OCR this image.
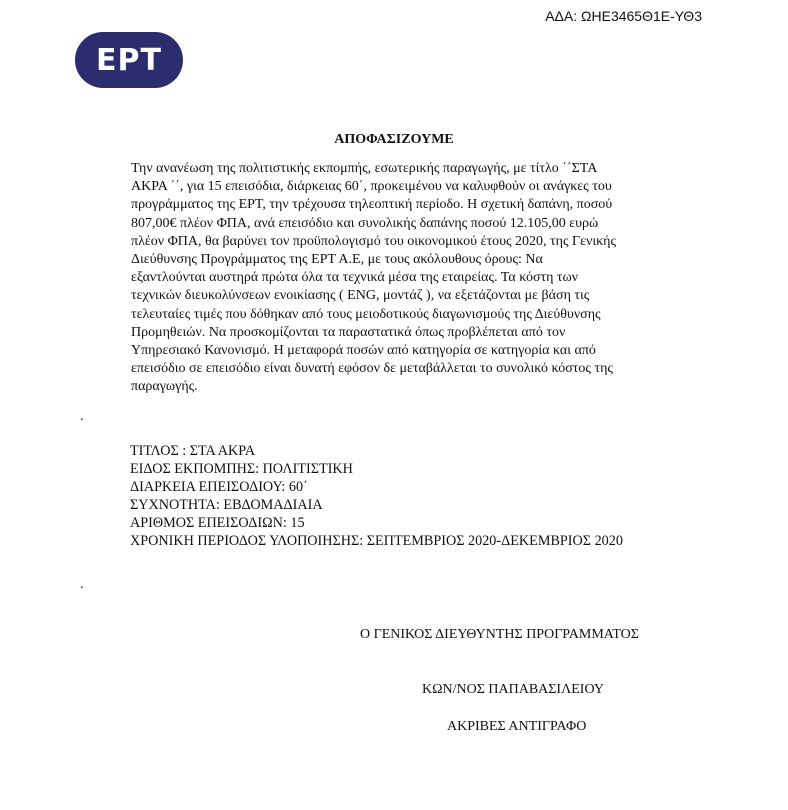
ΑΔΑ: ΩΗΕ3465Θ1Ε-ΥΘ3
ΕΡΤ
ΑΠΟΦΑΣΙΖΟΥΜΕ
Την ανανέωση της πολιτιστικής εκπομπής, εσωτερικής παραγωγής, με τίτλο ΄΄ΣΤΑ
ΑΚΡΑ ΄΄, για 15 επεισόδια, διάρκειας 60΄, προκειμένου να καλυφθούν οι ανάγκες του
προγράμματος της ΕΡΤ, την τρέχουσα τηλεοπτική περίοδο. Η σχετική δαπάνη, ποσού
807,00€ πλέον ΦΠΑ, ανά επεισόδιο και συνολικής δαπάνης ποσού 12.105,00 ευρώ
πλέον ΦΠΑ, θα βαρύνει τον προϋπολογισμό του οικονομικού έτους 2020, της Γενικής
Διεύθυνσης Προγράμματος της ΕΡΤ Α.Ε, με τους ακόλουθους όρους: Να
εξαντλούνται αυστηρά πρώτα όλα τα τεχνικά μέσα της εταιρείας. Τα κόστη των
τεχνικών διευκολύνσεων ενοικίασης ( ENG, μοντάζ ), να εξετάζονται με βάση τις
τελευταίες τιμές που δόθηκαν από τους μειοδοτικούς διαγωνισμούς της Διεύθυνσης
Προμηθειών. Να προσκομίζονται τα παραστατικά όπως προβλέπεται από τον
Υπηρεσιακό Κανονισμό. Η μεταφορά ποσών από κατηγορία σε κατηγορία και από
επεισόδιο σε επεισόδιο είναι δυνατή εφόσον δε μεταβάλλεται το συνολικό κόστος της
παραγωγής.
.
ΤΙΤΛΟΣ : ΣΤΑ ΑΚΡΑ
ΕΙΔΟΣ ΕΚΠΟΜΠΗΣ: ΠΟΛΙΤΙΣΤΙΚΗ
ΔΙΑΡΚΕΙΑ ΕΠΕΙΣΟΔΙΟΥ: 60΄
ΣΥΧΝΟΤΗΤΑ: ΕΒΔΟΜΑΔΙΑΙΑ
ΑΡΙΘΜΟΣ ΕΠΕΙΣΟΔΙΩΝ: 15
ΧΡΟΝΙΚΗ ΠΕΡΙΟΔΟΣ ΥΛΟΠΟΙΗΣΗΣ: ΣΕΠΤΕΜΒΡΙΟΣ 2020-ΔΕΚΕΜΒΡΙΟΣ 2020
.
Ο ΓΕΝΙΚΟΣ ΔΙΕΥΘΥΝΤΗΣ ΠΡΟΓΡΑΜΜΑΤΟΣ
ΚΩΝ/ΝΟΣ ΠΑΠΑΒΑΣΙΛΕΙΟΥ
ΑΚΡΙΒΕΣ ΑΝΤΙΓΡΑΦΟ
